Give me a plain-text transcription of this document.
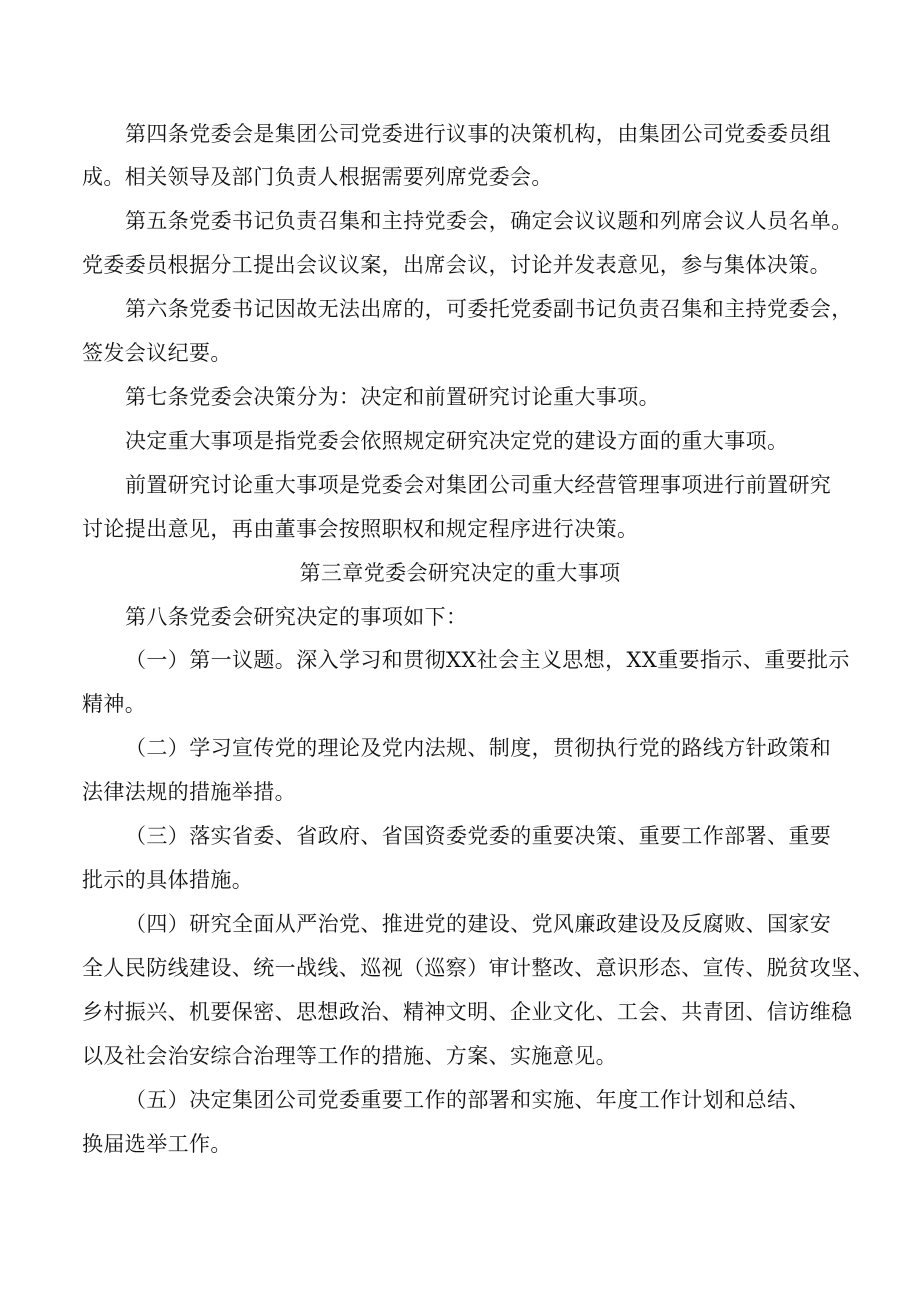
第四条党委会是集团公司党委进行议事的决策机构，由集团公司党委委员组
成。相关领导及部门负责人根据需要列席党委会。
第五条党委书记负责召集和主持党委会，确定会议议题和列席会议人员名单。
党委委员根据分工提出会议议案，出席会议，讨论并发表意见，参与集体决策。
第六条党委书记因故无法出席的，可委托党委副书记负责召集和主持党委会，
签发会议纪要。
第七条党委会决策分为：决定和前置研究讨论重大事项。
决定重大事项是指党委会依照规定研究决定党的建设方面的重大事项。
前置研究讨论重大事项是党委会对集团公司重大经营管理事项进行前置研究
讨论提出意见，再由董事会按照职权和规定程序进行决策。
第三章党委会研究决定的重大事项
第八条党委会研究决定的事项如下：
（一）第一议题。深入学习和贯彻XX社会主义思想，XX重要指示、重要批示
精神。
（二）学习宣传党的理论及党内法规、制度，贯彻执行党的路线方针政策和
法律法规的措施举措。
（三）落实省委、省政府、省国资委党委的重要决策、重要工作部署、重要
批示的具体措施。
（四）研究全面从严治党、推进党的建设、党风廉政建设及反腐败、国家安
全人民防线建设、统一战线、巡视（巡察）审计整改、意识形态、宣传、脱贫攻坚、
乡村振兴、机要保密、思想政治、精神文明、企业文化、工会、共青团、信访维稳
以及社会治安综合治理等工作的措施、方案、实施意见。
（五）决定集团公司党委重要工作的部署和实施、年度工作计划和总结、
换届选举工作。
